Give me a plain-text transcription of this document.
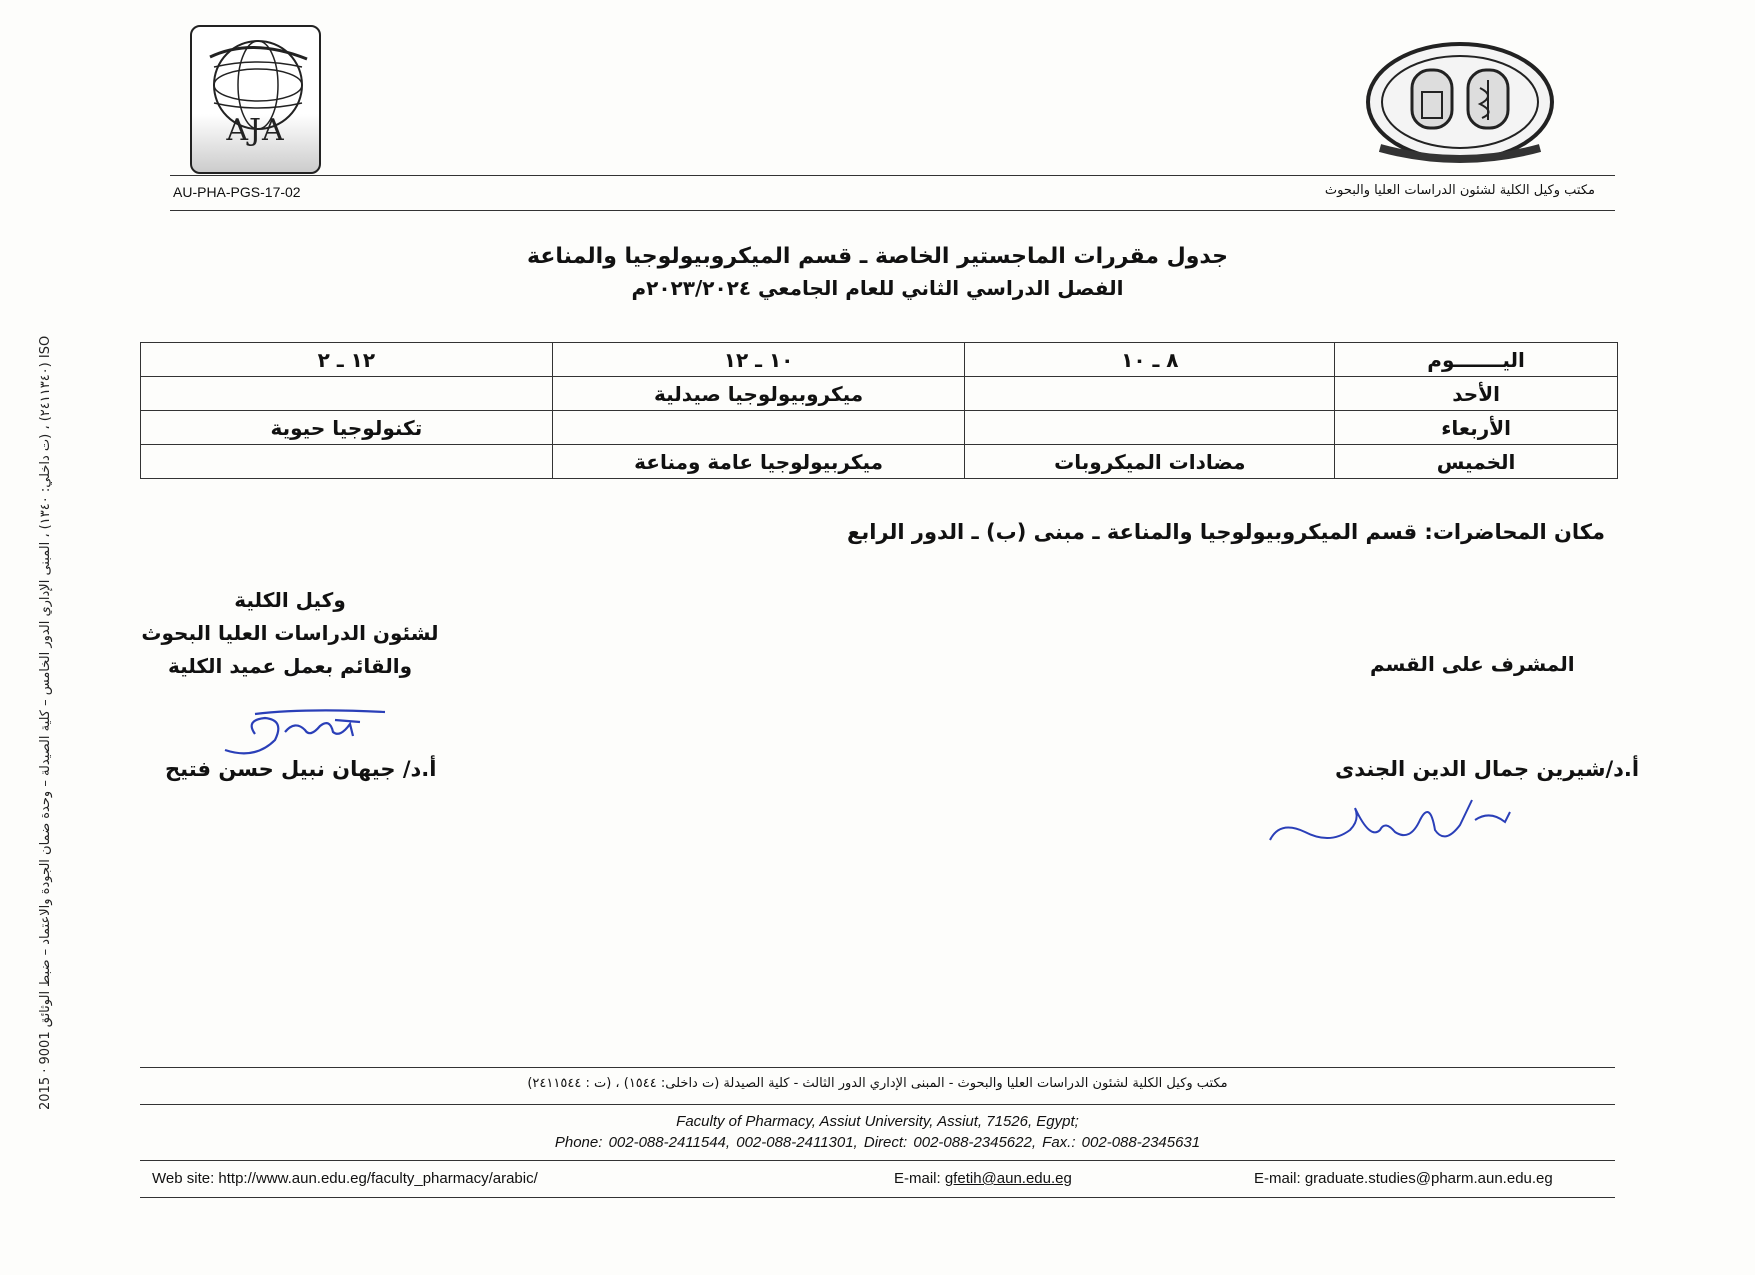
AJA
AU-PHA-PGS-17-02	مكتب وكيل الكلية لشئون الدراسات العليا والبحوث
جدول مقررات الماجستير الخاصة ـ قسم الميكروبيولوجيا والمناعة
الفصل الدراسي الثاني للعام الجامعي ٢٠٢٣/٢٠٢٤م
اليـــــــوم	٨ ـ ١٠	١٠ ـ ١٢	١٢ ـ ٢
الأحد		ميكروبيولوجيا صيدلية	
الأربعاء			تكنولوجيا حيوية
الخميس	مضادات الميكروبات	ميكربيولوجيا عامة ومناعة	
مكان المحاضرات: قسم الميكروبيولوجيا والمناعة ـ مبنى (ب) ـ الدور الرابع
وكيل الكلية
لشئون الدراسات العليا البحوث
والقائم بعمل عميد الكلية	المشرف على القسم
أ.د/ جيهان نبيل حسن فتيح	أ.د/شيرين جمال الدين الجندى
ISO (٢٤١١٣٤٠) ، (ت داخلي: ١٣٤٠) ، المبنى الإداري الدور الخامس – كلية الصيدلة – وحدة ضمان الجودة والاعتماد – ضبط الوثائق 9001 · 2015
مكتب وكيل الكلية لشئون الدراسات العليا والبحوث - المبنى الإداري الدور الثالث - كلية الصيدلة (ت داخلى: ١٥٤٤) ، (ت : ٢٤١١٥٤٤)
Faculty of Pharmacy, Assiut University, Assiut, 71526, Egypt;
Phone: 002-088-2411544, 002-088-2411301, Direct: 002-088-2345622, Fax.: 002-088-2345631
Web site: http://www.aun.edu.eg/faculty_pharmacy/arabic/	E-mail: gfetih@aun.edu.eg	E-mail: graduate.studies@pharm.aun.edu.eg
